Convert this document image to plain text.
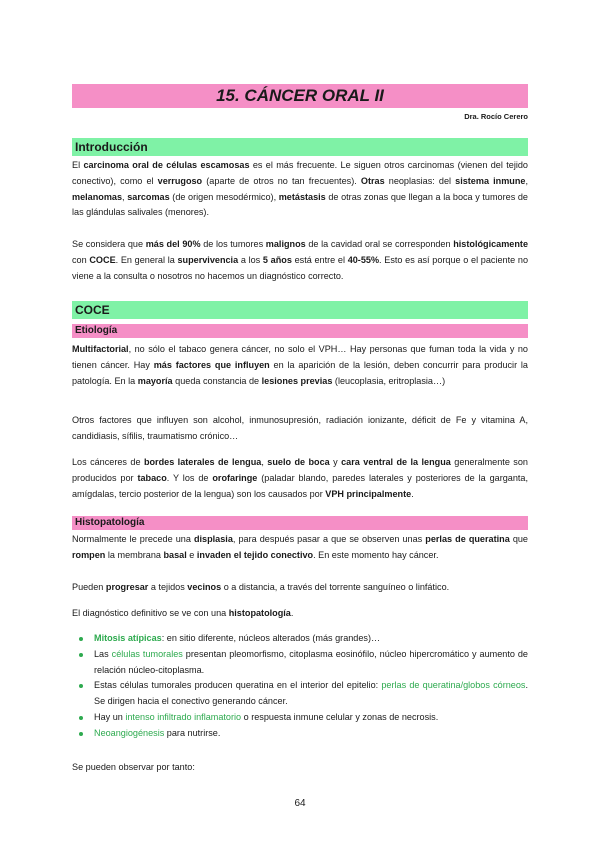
15. CÁNCER ORAL II
Dra. Rocío Cerero
Introducción
El carcinoma oral de células escamosas es el más frecuente. Le siguen otros carcinomas (vienen del tejido conectivo), como el verrugoso (aparte de otros no tan frecuentes). Otras neoplasias: del sistema inmune, melanomas, sarcomas (de origen mesodérmico), metástasis de otras zonas que llegan a la boca y tumores de las glándulas salivales (menores).
Se considera que más del 90% de los tumores malignos de la cavidad oral se corresponden histológicamente con COCE. En general la supervivencia a los 5 años está entre el 40-55%. Esto es así porque o el paciente no viene a la consulta o nosotros no hacemos un diagnóstico correcto.
COCE
Etiología
Multifactorial, no sólo el tabaco genera cáncer, no solo el VPH… Hay personas que fuman toda la vida y no tienen cáncer. Hay más factores que influyen en la aparición de la lesión, deben concurrir para producir la patología. En la mayoría queda constancia de lesiones previas (leucoplasia, eritroplasia…)
Otros factores que influyen son alcohol, inmunosupresión, radiación ionizante, déficit de Fe y vitamina A, candidiasis, sífilis, traumatismo crónico…
Los cánceres de bordes laterales de lengua, suelo de boca y cara ventral de la lengua generalmente son producidos por tabaco. Y los de orofaringe (paladar blando, paredes laterales y posteriores de la garganta, amígdalas, tercio posterior de la lengua) son los causados por VPH principalmente.
Histopatología
Normalmente le precede una displasia, para después pasar a que se observen unas perlas de queratina que rompen la membrana basal e invaden el tejido conectivo. En este momento hay cáncer.
Pueden progresar a tejidos vecinos o a distancia, a través del torrente sanguíneo o linfático.
El diagnóstico definitivo se ve con una histopatología.
Mitosis atípicas: en sitio diferente, núcleos alterados (más grandes)…
Las células tumorales presentan pleomorfismo, citoplasma eosinófilo, núcleo hipercromático y aumento de relación núcleo-citoplasma.
Estas células tumorales producen queratina en el interior del epitelio: perlas de queratina/globos córneos. Se dirigen hacia el conectivo generando cáncer.
Hay un intenso infiltrado inflamatorio o respuesta inmune celular y zonas de necrosis.
Neoangiogénesis para nutrirse.
Se pueden observar por tanto:
64
